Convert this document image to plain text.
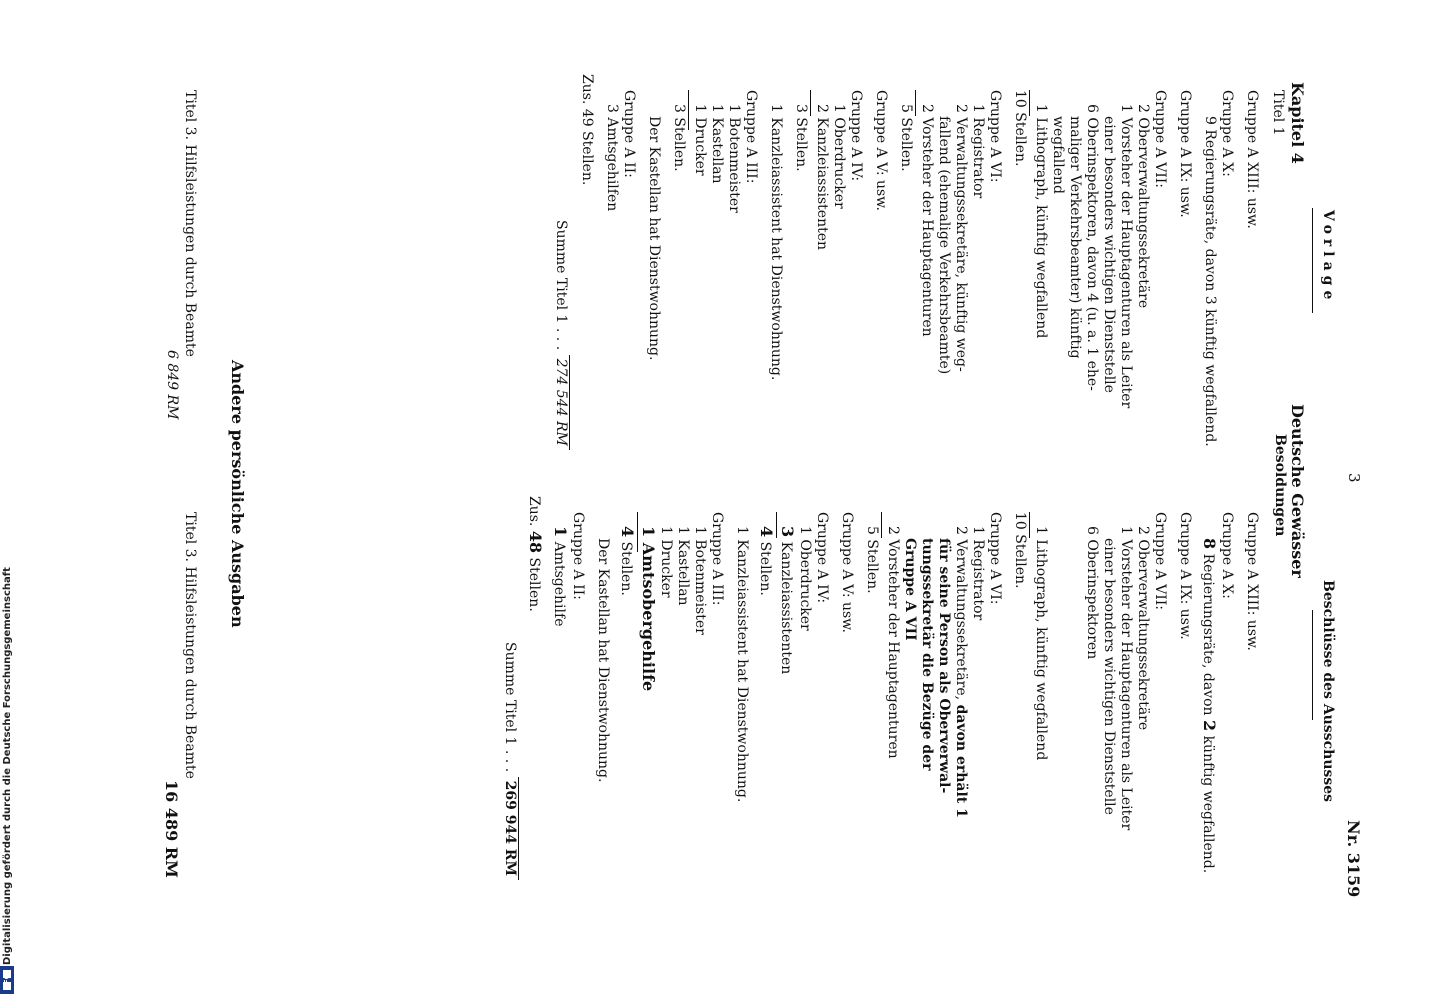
3
Nr. 3159
Vorlage
Beschlüsse des Ausschusses
Kapitel 4
Deutsche Gewässer
Besoldungen
Titel 1
Gruppe A XIII: usw.
Gruppe A X:
9 Regierungsräte, davon 3 künftig wegfallend.
Gruppe A IX: usw.
Gruppe A VII:
2 Oberverwaltungssekretäre
1 Vorsteher der Hauptagenturen als Leiter
einer besonders wichtigen Dienststelle
6 Oberinspektoren, davon 4 (u. a. 1 ehe-
maliger Verkehrsbeamter) künftig
wegfallend
1 Lithograph, künftig wegfallend
10 Stellen.
Gruppe A VI:
1 Registrator
2 Verwaltungssekretäre, künftig weg-
fallend (ehemalige Verkehrsbeamte)
2 Vorsteher der Hauptagenturen
5 Stellen.
Gruppe A V: usw.
Gruppe A IV:
1 Oberdrucker
2 Kanzleiassistenten
3 Stellen.
1 Kanzleiassistent hat Dienstwohnung.
Gruppe A III:
1 Botenmeister
1 Kastellan
1 Drucker
3 Stellen.
Der Kastellan hat Dienstwohnung.
Gruppe A II:
3 Amtsgehilfen
Zus. 49 Stellen.
Summe Titel 1 . . . 274 544 RM
Gruppe A XIII: usw.
Gruppe A X:
8 Regierungsräte, davon 2 künftig wegfallend.
Gruppe A IX: usw.
Gruppe A VII:
2 Oberverwaltungssekretäre
1 Vorsteher der Hauptagenturen als Leiter
einer besonders wichtigen Dienststelle
6 Oberinspektoren
1 Lithograph, künftig wegfallend
10 Stellen.
Gruppe A VI:
1 Registrator
2 Verwaltungssekretäre, davon erhält 1
für seine Person als Oberverwal-
tungssekretär die Bezüge der
Gruppe A VII
2 Vorsteher der Hauptagenturen
5 Stellen.
Gruppe A V: usw.
Gruppe A IV:
1 Oberdrucker
3 Kanzleiassistenten
4 Stellen.
1 Kanzleiassistent hat Dienstwohnung.
Gruppe A III:
1 Botenmeister
1 Kastellan
1 Drucker
1 Amtsobergehilfe
4 Stellen.
Der Kastellan hat Dienstwohnung.
Gruppe A II:
1 Amtsgehilfe
Zus. 48 Stellen.
Summe Titel 1 . . . 269 944 RM
Andere persönliche Ausgaben
Titel 3. Hilfsleistungen durch Beamte
6 849 RM
Titel 3. Hilfsleistungen durch Beamte
16 489 RM
Digitalisierung gefördert durch die Deutsche Forschungsgemeinschaft
DFG
